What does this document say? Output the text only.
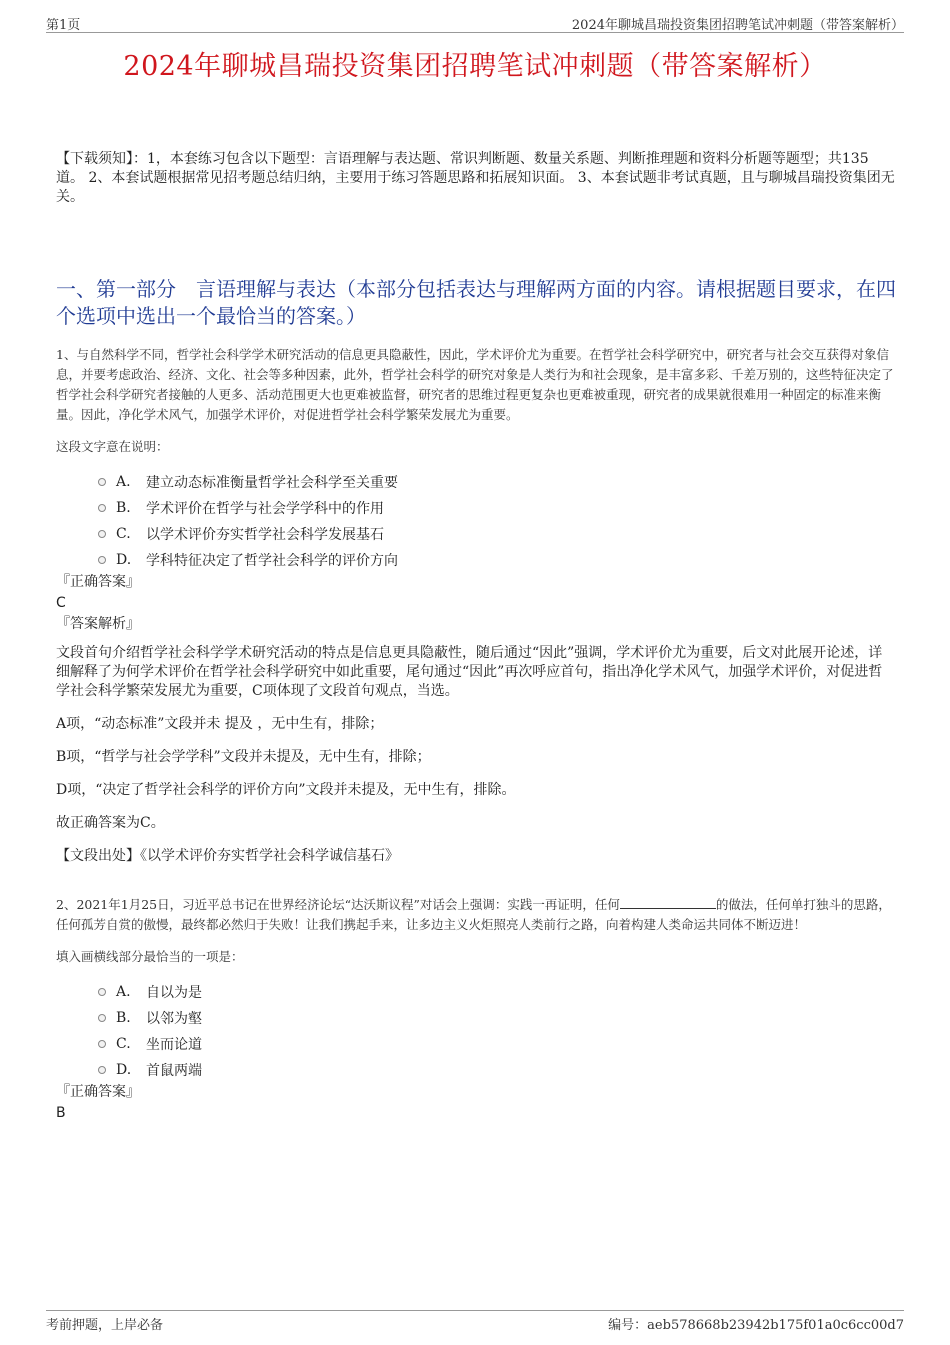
第1页	2024年聊城昌瑞投资集团招聘笔试冲刺题（带答案解析）
2024年聊城昌瑞投资集团招聘笔试冲刺题（带答案解析）
【下载须知】：1，本套练习包含以下题型：言语理解与表达题、常识判断题、数量关系题、判断推理题和资料分析题等题型；共135道。 2、本套试题根据常见招考题总结归纳，主要用于练习答题思路和拓展知识面。 3、本套试题非考试真题，且与聊城昌瑞投资集团无关。
一、第一部分　言语理解与表达（本部分包括表达与理解两方面的内容。请根据题目要求，在四个选项中选出一个最恰当的答案。）
1、与自然科学不同，哲学社会科学学术研究活动的信息更具隐蔽性，因此，学术评价尤为重要。在哲学社会科学研究中，研究者与社会交互获得对象信息，并要考虑政治、经济、文化、社会等多种因素，此外，哲学社会科学的研究对象是人类行为和社会现象，是丰富多彩、千差万别的，这些特征决定了哲学社会科学研究者接触的人更多、活动范围更大也更难被监督，研究者的思维过程更复杂也更难被重现，研究者的成果就很难用一种固定的标准来衡量。因此，净化学术风气，加强学术评价，对促进哲学社会科学繁荣发展尤为重要。
这段文字意在说明：
A.	建立动态标准衡量哲学社会科学至关重要
B.	学术评价在哲学与社会学学科中的作用
C.	以学术评价夯实哲学社会科学发展基石
D.	学科特征决定了哲学社会科学的评价方向
『正确答案』
C
『答案解析』

文段首句介绍哲学社会科学学术研究活动的特点是信息更具隐蔽性，随后通过“因此”强调，学术评价尤为重要，后文对此展开论述，详细解释了为何学术评价在哲学社会科学研究中如此重要，尾句通过“因此”再次呼应首句，指出净化学术风气，加强学术评价，对促进哲学社会科学繁荣发展尤为重要，C项体现了文段首句观点，当选。

A项，“动态标准”文段并未 提及 ，无中生有，排除；

B项，“哲学与社会学学科”文段并未提及，无中生有，排除；

D项，“决定了哲学社会科学的评价方向”文段并未提及，无中生有，排除。

故正确答案为C。

【文段出处】《以学术评价夯实哲学社会科学诚信基石》

2、2021年1月25日，习近平总书记在世界经济论坛“达沃斯议程”对话会上强调：实践一再证明，任何	的做法，任何单打独斗的思路，任何孤芳自赏的傲慢，最终都必然归于失败！让我们携起手来，让多边主义火炬照亮人类前行之路，向着构建人类命运共同体不断迈进！
填入画横线部分最恰当的一项是：
A.	自以为是
B.	以邻为壑
C.	坐而论道
D.	首鼠两端
『正确答案』
B
考前押题，上岸必备	编号：aeb578668b23942b175f01a0c6cc00d7
